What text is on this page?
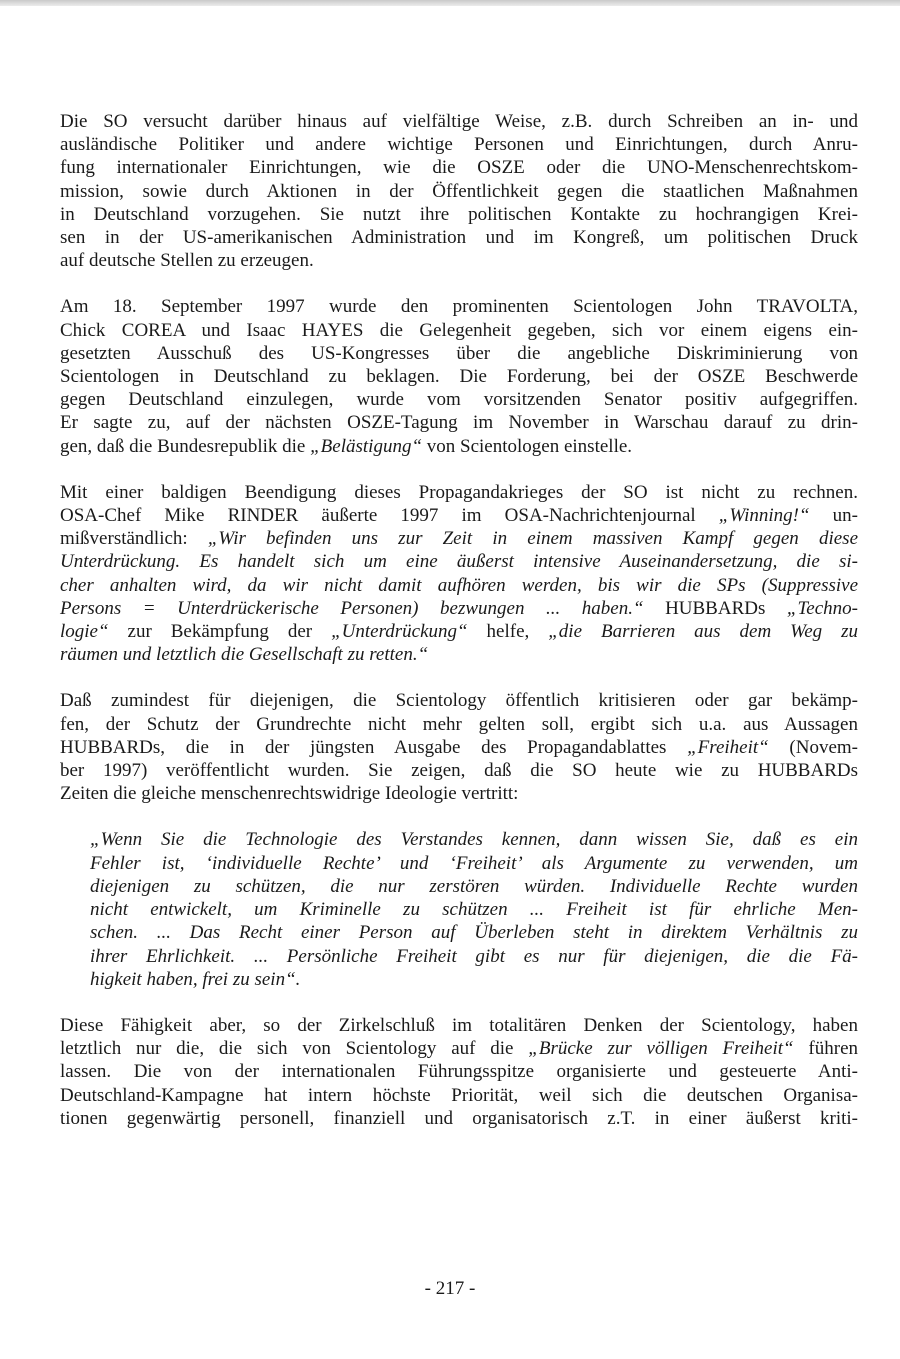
Die SO versucht darüber hinaus auf vielfältige Weise, z.B. durch Schreiben an in- und
ausländische Politiker und andere wichtige Personen und Einrichtungen, durch Anru-
fung internationaler Einrichtungen, wie die OSZE oder die UNO-Menschenrechtskom-
mission, sowie durch Aktionen in der Öffentlichkeit gegen die staatlichen Maßnahmen
in Deutschland vorzugehen. Sie nutzt ihre politischen Kontakte zu hochrangigen Krei-
sen in der US-amerikanischen Administration und im Kongreß, um politischen Druck
auf deutsche Stellen zu erzeugen.

Am 18. September 1997 wurde den prominenten Scientologen John TRAVOLTA,
Chick COREA und Isaac HAYES die Gelegenheit gegeben, sich vor einem eigens ein-
gesetzten Ausschuß des US-Kongresses über die angebliche Diskriminierung von
Scientologen in Deutschland zu beklagen. Die Forderung, bei der OSZE Beschwerde
gegen Deutschland einzulegen, wurde vom vorsitzenden Senator positiv aufgegriffen.
Er sagte zu, auf der nächsten OSZE-Tagung im November in Warschau darauf zu drin-
gen, daß die Bundesrepublik die „Belästigung“ von Scientologen einstelle.

Mit einer baldigen Beendigung dieses Propagandakrieges der SO ist nicht zu rechnen.
OSA-Chef Mike RINDER äußerte 1997 im OSA-Nachrichtenjournal „Winning!“ un-
mißverständlich: „Wir befinden uns zur Zeit in einem massiven Kampf gegen diese
Unterdrückung. Es handelt sich um eine äußerst intensive Auseinandersetzung, die si-
cher anhalten wird, da wir nicht damit aufhören werden, bis wir die SPs (Suppressive
Persons = Unterdrückerische Personen) bezwungen ... haben.“ HUBBARDs „Techno-
logie“ zur Bekämpfung der „Unterdrückung“ helfe, „die Barrieren aus dem Weg zu
räumen und letztlich die Gesellschaft zu retten.“

Daß zumindest für diejenigen, die Scientology öffentlich kritisieren oder gar bekämp-
fen, der Schutz der Grundrechte nicht mehr gelten soll, ergibt sich u.a. aus Aussagen
HUBBARDs, die in der jüngsten Ausgabe des Propagandablattes „Freiheit“ (Novem-
ber 1997) veröffentlicht wurden. Sie zeigen, daß die SO heute wie zu HUBBARDs
Zeiten die gleiche menschenrechtswidrige Ideologie vertritt:

„Wenn Sie die Technologie des Verstandes kennen, dann wissen Sie, daß es ein
Fehler ist, ‘individuelle Rechte’ und ‘Freiheit’ als Argumente zu verwenden, um
diejenigen zu schützen, die nur zerstören würden. Individuelle Rechte wurden
nicht entwickelt, um Kriminelle zu schützen ... Freiheit ist für ehrliche Men-
schen. ... Das Recht einer Person auf Überleben steht in direktem Verhältnis zu
ihrer Ehrlichkeit. ... Persönliche Freiheit gibt es nur für diejenigen, die die Fä-
higkeit haben, frei zu sein“.

Diese Fähigkeit aber, so der Zirkelschluß im totalitären Denken der Scientology, haben
letztlich nur die, die sich von Scientology auf die „Brücke zur völligen Freiheit“ führen
lassen. Die von der internationalen Führungsspitze organisierte und gesteuerte Anti-
Deutschland-Kampagne hat intern höchste Priorität, weil sich die deutschen Organisa-
tionen gegenwärtig personell, finanziell und organisatorisch z.T. in einer äußerst kriti-

- 217 -
